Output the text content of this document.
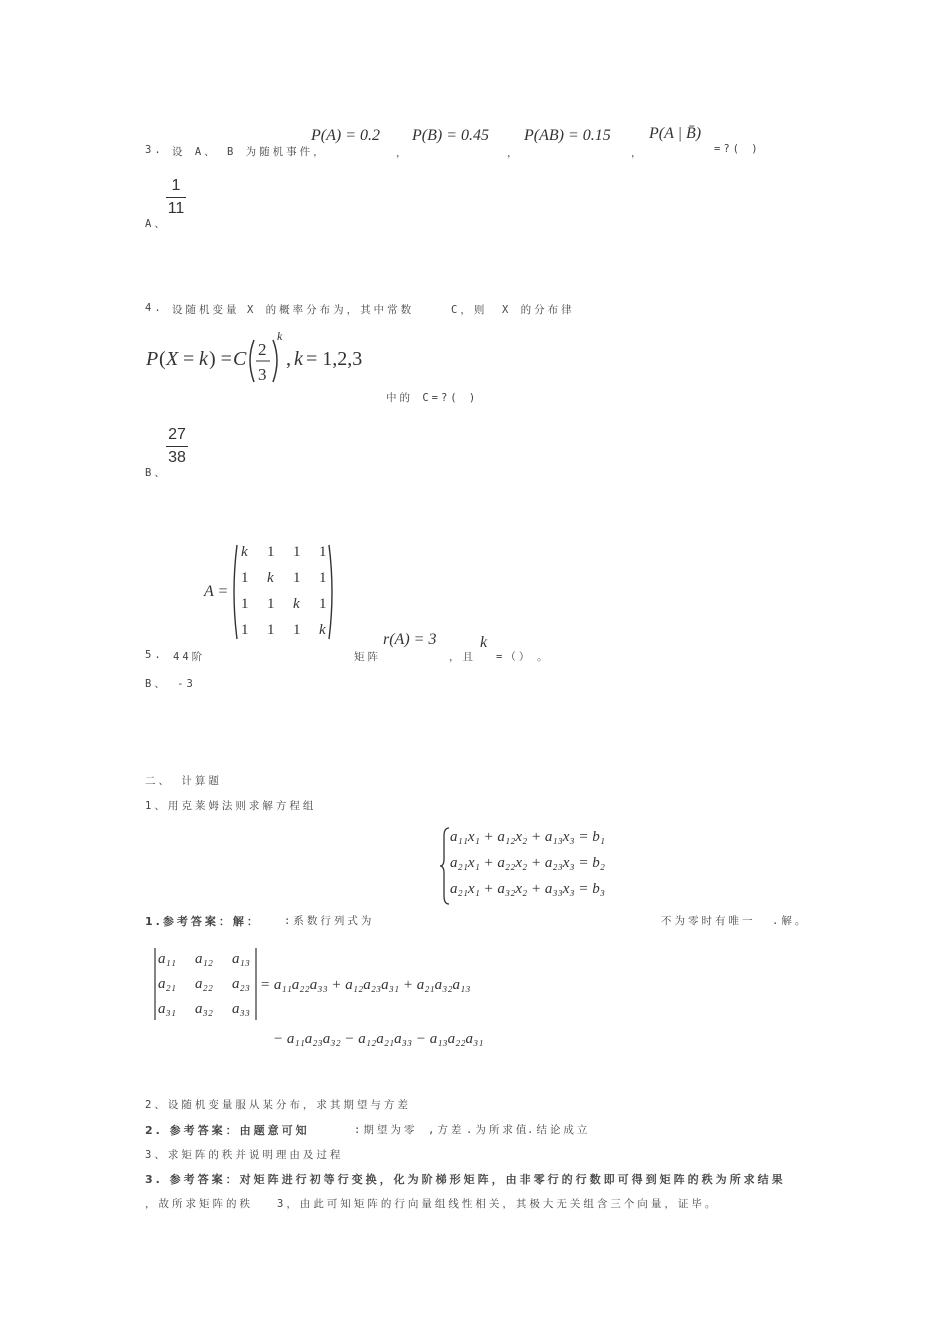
3. 设 A、 B 为随机事件，
P(A) = 0.2
，
P(B) = 0.45
，
P(AB) = 0.15
，
P(A | B̄)
=?( )
1
11
A、
4. 设随机变量 X 的概率分布为，其中常数	C，则 X 的分布律
P ( X = k ) = C 2
3
k
, k = 1,2,3
中的 C=?( )
27
38
B、
A =
k 1 1 1
1 k 1 1
1 1 k 1
1 1 1 k
5. 44阶	矩阵
r(A) = 3
，且
k
=（） 。
B、 -3
二、 计算题
1、用克莱姆法则求解方程组
a₁₁x₁ + a₁₂x₂ + a₁₃x₃ = b₁
a₂₁x₁ + a₂₂x₂ + a₂₃x₃ = b₂
a₂₁x₁ + a₃₂x₂ + a₃₃x₃ = b₃
1.参考答案：解： :系数行列式为	不为零时有唯一 .解。
a₁₁ a₁₂ a₁₃
a₂₁ a₂₂ a₂₃
a₃₁ a₃₂ a₃₃
= a₁₁a₂₂a₃₃ + a₁₂a₂₃a₃₁ + a₂₁a₃₂a₁₃
− a₁₁a₂₃a₃₂ − a₁₂a₂₁a₃₃ − a₁₃a₂₂a₃₁
2、设随机变量服从某分布，求其期望与方差
2. 参考答案：由题意可知	:期望为零 ,方差 .为所求值
.结论成立
3、求矩阵的秩并说明理由及过程
3. 参考答案：对矩阵进行初等行变换，化为阶梯形矩阵，由非零行的行数即可得到矩阵的秩为所求结果
，故所求矩阵的秩 3，由此可知矩阵的行向量组线性相关，其极大无关组含三个向量，证毕。
